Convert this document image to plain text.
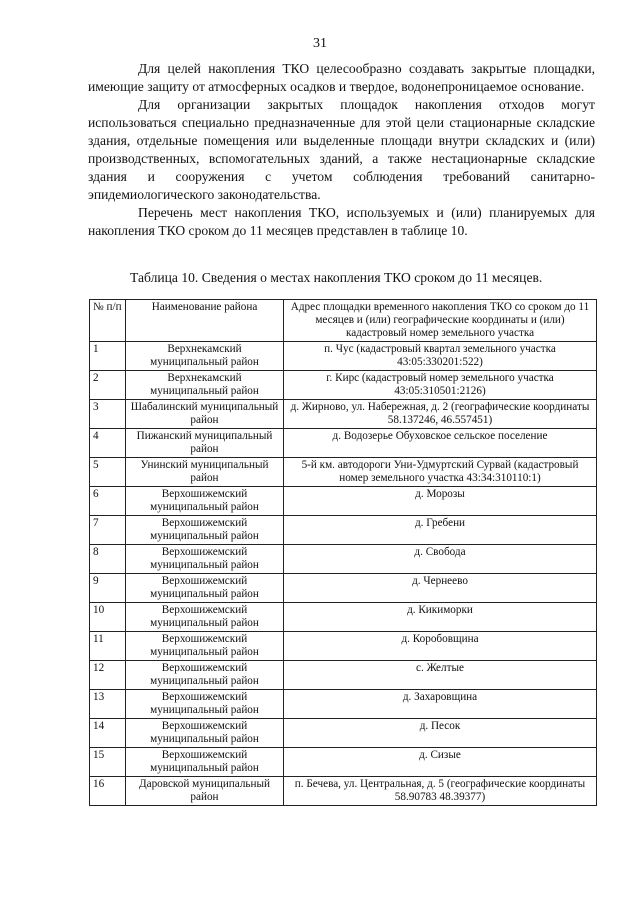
31

Для целей накопления ТКО целесообразно создавать закрытые площадки, имеющие защиту от атмосферных осадков и твердое, водонепроницаемое основание.

Для организации закрытых площадок накопления отходов могут использоваться специально предназначенные для этой цели стационарные складские здания, отдельные помещения или выделенные площади внутри складских и (или) производственных, вспомогательных зданий, а также нестационарные складские здания и сооружения с учетом соблюдения требований санитарно-эпидемиологического законодательства.

Перечень мест накопления ТКО, используемых и (или) планируемых для накопления ТКО сроком до 11 месяцев представлен в таблице 10.

Таблица 10. Сведения о местах накопления ТКО сроком до 11 месяцев.
№ п/п	Наименование района	Адрес площадки временного накопления ТКО со сроком до 11 месяцев и (или) географические координаты и (или) кадастровый номер земельного участка
1	Верхнекамский муниципальный район	п. Чус (кадастровый квартал земельного участка 43:05:330201:522)
2	Верхнекамский муниципальный район	г. Кирс (кадастровый номер земельного участка 43:05:310501:2126)
3	Шабалинский муниципальный район	д. Жирново, ул. Набережная, д. 2 (географические координаты 58.137246, 46.557451)
4	Пижанский муниципальный район	д. Водозерье Обуховское сельское поселение
5	Унинский муниципальный район	5-й км. автодороги Уни-Удмуртский Сурвай (кадастровый номер земельного участка 43:34:310110:1)
6	Верхошижемский муниципальный район	д. Морозы
7	Верхошижемский муниципальный район	д. Гребени
8	Верхошижемский муниципальный район	д. Свобода
9	Верхошижемский муниципальный район	д. Чернеево
10	Верхошижемский муниципальный район	д. Кикиморки
11	Верхошижемский муниципальный район	д. Коробовщина
12	Верхошижемский муниципальный район	с. Желтые
13	Верхошижемский муниципальный район	д. Захаровщина
14	Верхошижемский муниципальный район	д. Песок
15	Верхошижемский муниципальный район	д. Сизые
16	Даровской муниципальный район	п. Бечева, ул. Центральная, д. 5 (географические координаты 58.90783 48.39377)
